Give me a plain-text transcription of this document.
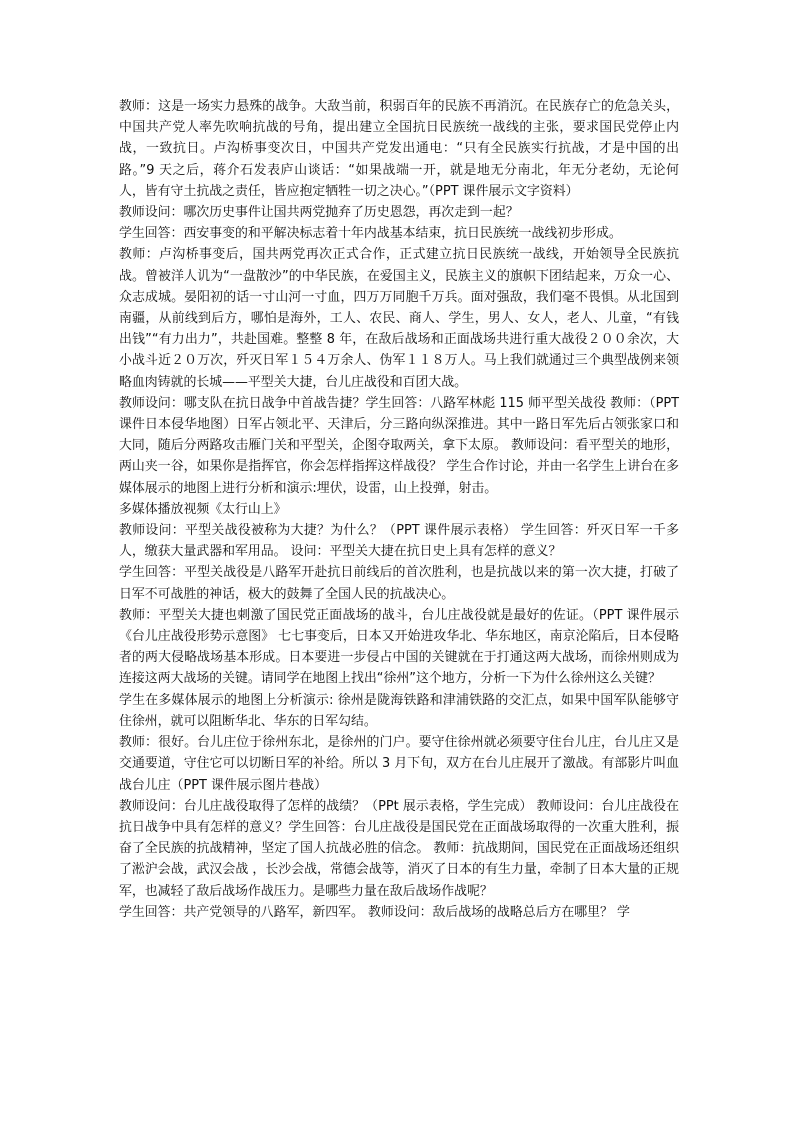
教师：这是一场实力悬殊的战争。大敌当前，积弱百年的民族不再消沉。在民族存亡的危急关头，中国共产党人率先吹响抗战的号角，提出建立全国抗日民族统一战线的主张，要求国民党停止内战，一致抗日。卢沟桥事变次日，中国共产党发出通电：“只有全民族实行抗战，才是中国的出路。”9 天之后，蒋介石发表庐山谈话：“如果战端一开，就是地无分南北，年无分老幼，无论何人，皆有守土抗战之责任，皆应抱定牺牲一切之决心。”（PPT 课件展示文字资料）

教师设问：哪次历史事件让国共两党抛弃了历史恩怨，再次走到一起？

学生回答：西安事变的和平解决标志着十年内战基本结束，抗日民族统一战线初步形成。

教师：卢沟桥事变后，国共两党再次正式合作，正式建立抗日民族统一战线，开始领导全民族抗战。曾被洋人讥为“一盘散沙”的中华民族，在爱国主义，民族主义的旗帜下团结起来，万众一心、众志成城。晏阳初的话一寸山河一寸血，四万万同胞千万兵。面对强敌，我们毫不畏惧。从北国到南疆，从前线到后方，哪怕是海外，工人、农民、商人、学生，男人、女人，老人、儿童，“有钱出钱”“有力出力”，共赴国难。整整 8 年，在敌后战场和正面战场共进行重大战役２００余次，大小战斗近２０万次，歼灭日军１５４万余人、伪军１１８万人。马上我们就通过三个典型战例来领略血肉铸就的长城——平型关大捷，台儿庄战役和百团大战。

教师设问：哪支队在抗日战争中首战告捷？学生回答：八路军林彪 115 师平型关战役 教师：（PPT 课件日本侵华地图）日军占领北平、天津后，分三路向纵深推进。其中一路日军先后占领张家口和大同，随后分两路攻击雁门关和平型关，企图夺取两关，拿下太原。 教师设问：看平型关的地形，两山夹一谷，如果你是指挥官，你会怎样指挥这样战役？ 学生合作讨论，并由一名学生上讲台在多媒体展示的地图上进行分析和演示:埋伏，设雷，山上投弹，射击。

多媒体播放视频《太行山上》

教师设问：平型关战役被称为大捷？为什么？（PPT 课件展示表格） 学生回答：歼灭日军一千多人，缴获大量武器和军用品。 设问：平型关大捷在抗日史上具有怎样的意义？

学生回答：平型关战役是八路军开赴抗日前线后的首次胜利，也是抗战以来的第一次大捷，打破了日军不可战胜的神话，极大的鼓舞了全国人民的抗战决心。

教师：平型关大捷也刺激了国民党正面战场的战斗，台儿庄战役就是最好的佐证。（PPT 课件展示《台儿庄战役形势示意图》 七七事变后，日本又开始进攻华北、华东地区，南京沦陷后，日本侵略者的两大侵略战场基本形成。日本要进一步侵占中国的关键就在于打通这两大战场，而徐州则成为连接这两大战场的关键。请同学在地图上找出“徐州”这个地方，分析一下为什么徐州这么关键？

学生在多媒体展示的地图上分析演示: 徐州是陇海铁路和津浦铁路的交汇点，如果中国军队能够守住徐州，就可以阻断华北、华东的日军勾结。

教师：很好。台儿庄位于徐州东北，是徐州的门户。要守住徐州就必须要守住台儿庄，台儿庄又是交通要道，守住它可以切断日军的补给。所以 3 月下旬，双方在台儿庄展开了激战。有部影片叫血战台儿庄（PPT 课件展示图片巷战）

教师设问：台儿庄战役取得了怎样的战绩？（PPt 展示表格，学生完成） 教师设问：台儿庄战役在抗日战争中具有怎样的意义？学生回答：台儿庄战役是国民党在正面战场取得的一次重大胜利，振奋了全民族的抗战精神，坚定了国人抗战必胜的信念。 教师：抗战期间，国民党在正面战场还组织了淞沪会战，武汉会战 ，长沙会战，常德会战等，消灭了日本的有生力量，牵制了日本大量的正规军，也减轻了敌后战场作战压力。是哪些力量在敌后战场作战呢？

学生回答：共产党领导的八路军，新四军。 教师设问：敌后战场的战略总后方在哪里？ 学
